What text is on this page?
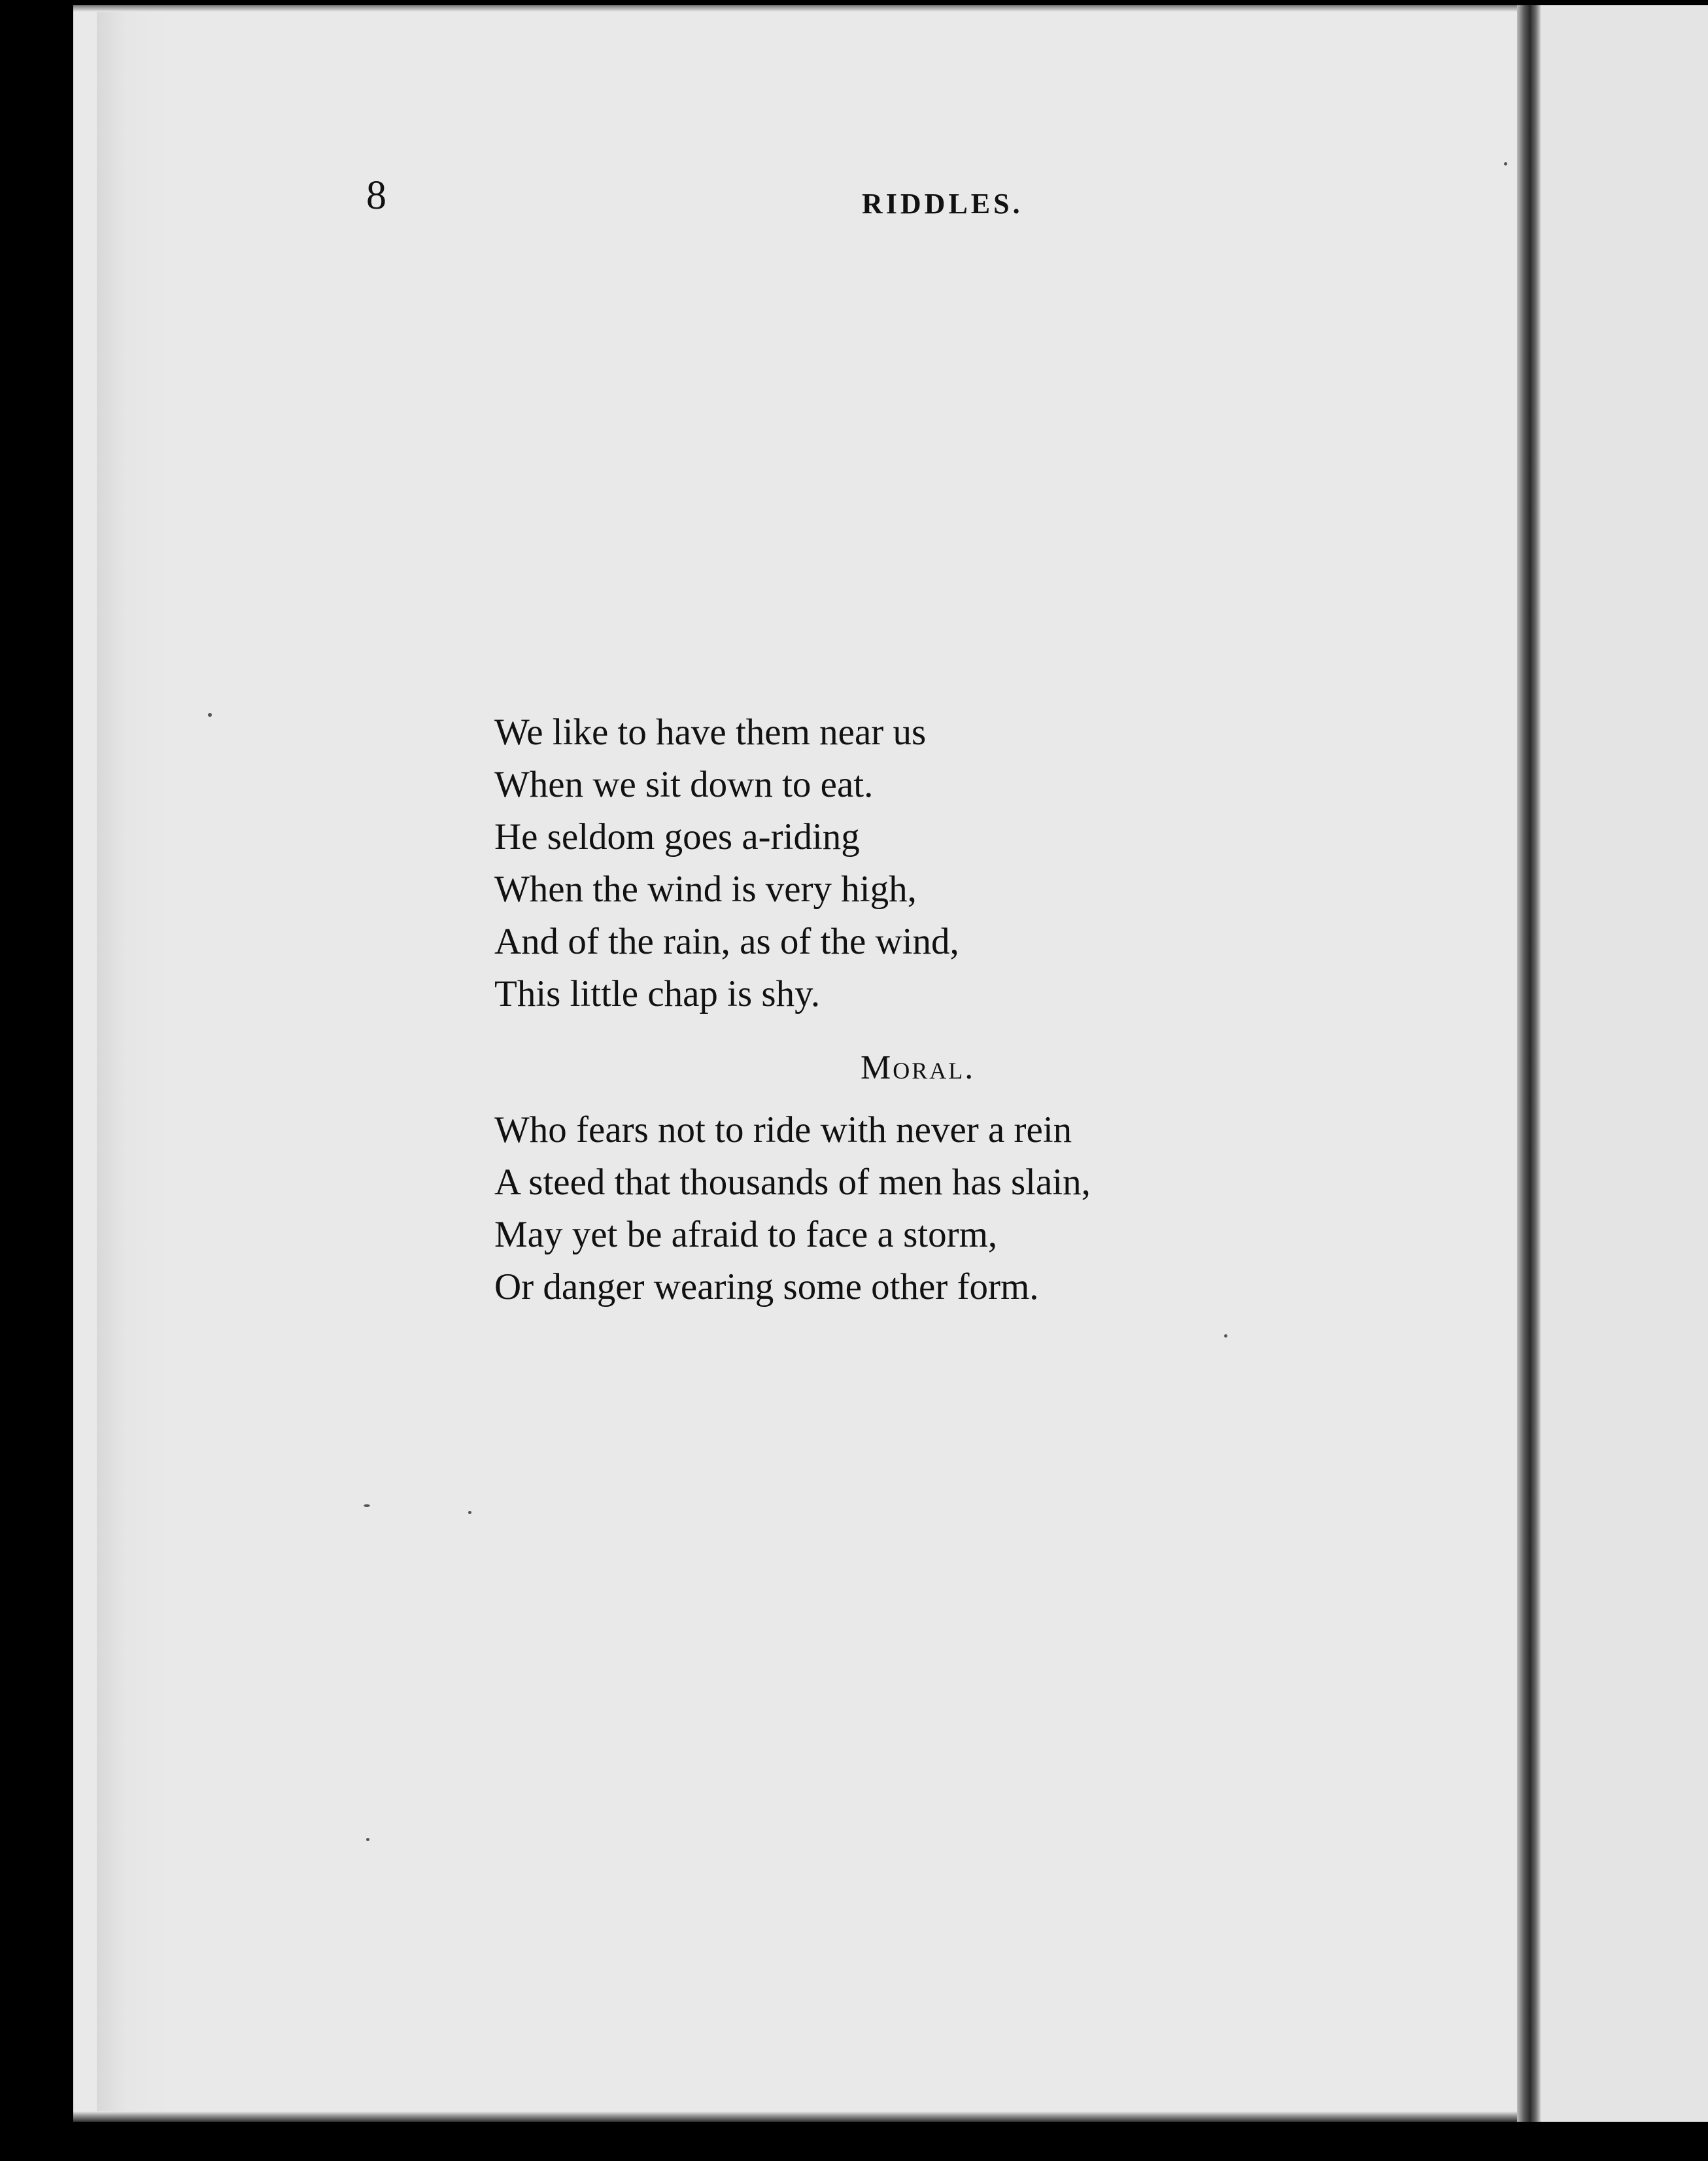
8	RIDDLES.
We like to have them near us
When we sit down to eat.
He seldom goes a-riding
When the wind is very high,
And of the rain, as of the wind,
This little chap is shy.
Moral.
Who fears not to ride with never a rein
A steed that thousands of men has slain,
May yet be afraid to face a storm,
Or danger wearing some other form.
